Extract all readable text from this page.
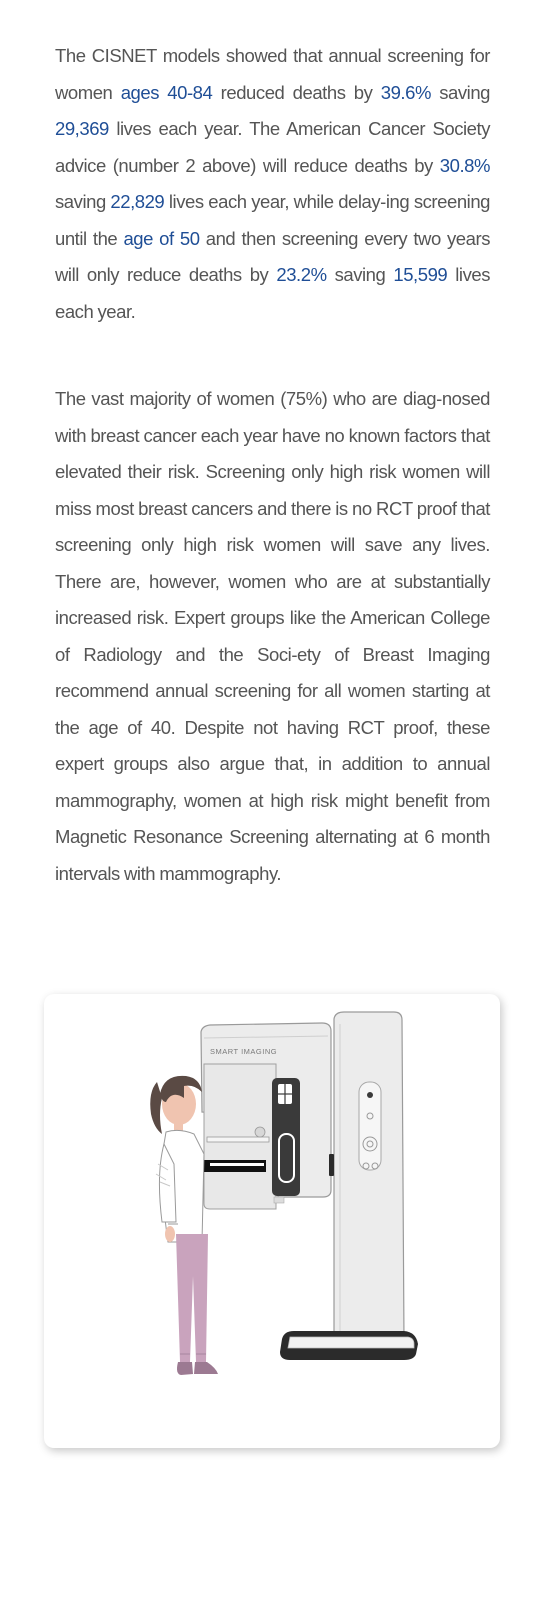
The CISNET models showed that annual screening for women ages 40-84 reduced deaths by 39.6% saving 29,369 lives each year. The American Cancer Society advice (number 2 above) will reduce deaths by 30.8% saving 22,829 lives each year, while delay-ing screening until the age of 50 and then screening every two years will only reduce deaths by 23.2% saving 15,599 lives each year.

The vast majority of women (75%) who are diag-nosed with breast cancer each year have no known factors that elevated their risk. Screening only high risk women will miss most breast cancers and there is no RCT proof that screening only high risk women will save any lives. There are, however, women who are at substantially increased risk. Expert groups like the American College of Radiology and the Soci-ety of Breast Imaging recommend annual screening for all women starting at the age of 40. Despite not having RCT proof, these expert groups also argue that, in addition to annual mammography, women at high risk might benefit from Magnetic Resonance Screening alternating at 6 month intervals with mammography.

SMART IMAGING
